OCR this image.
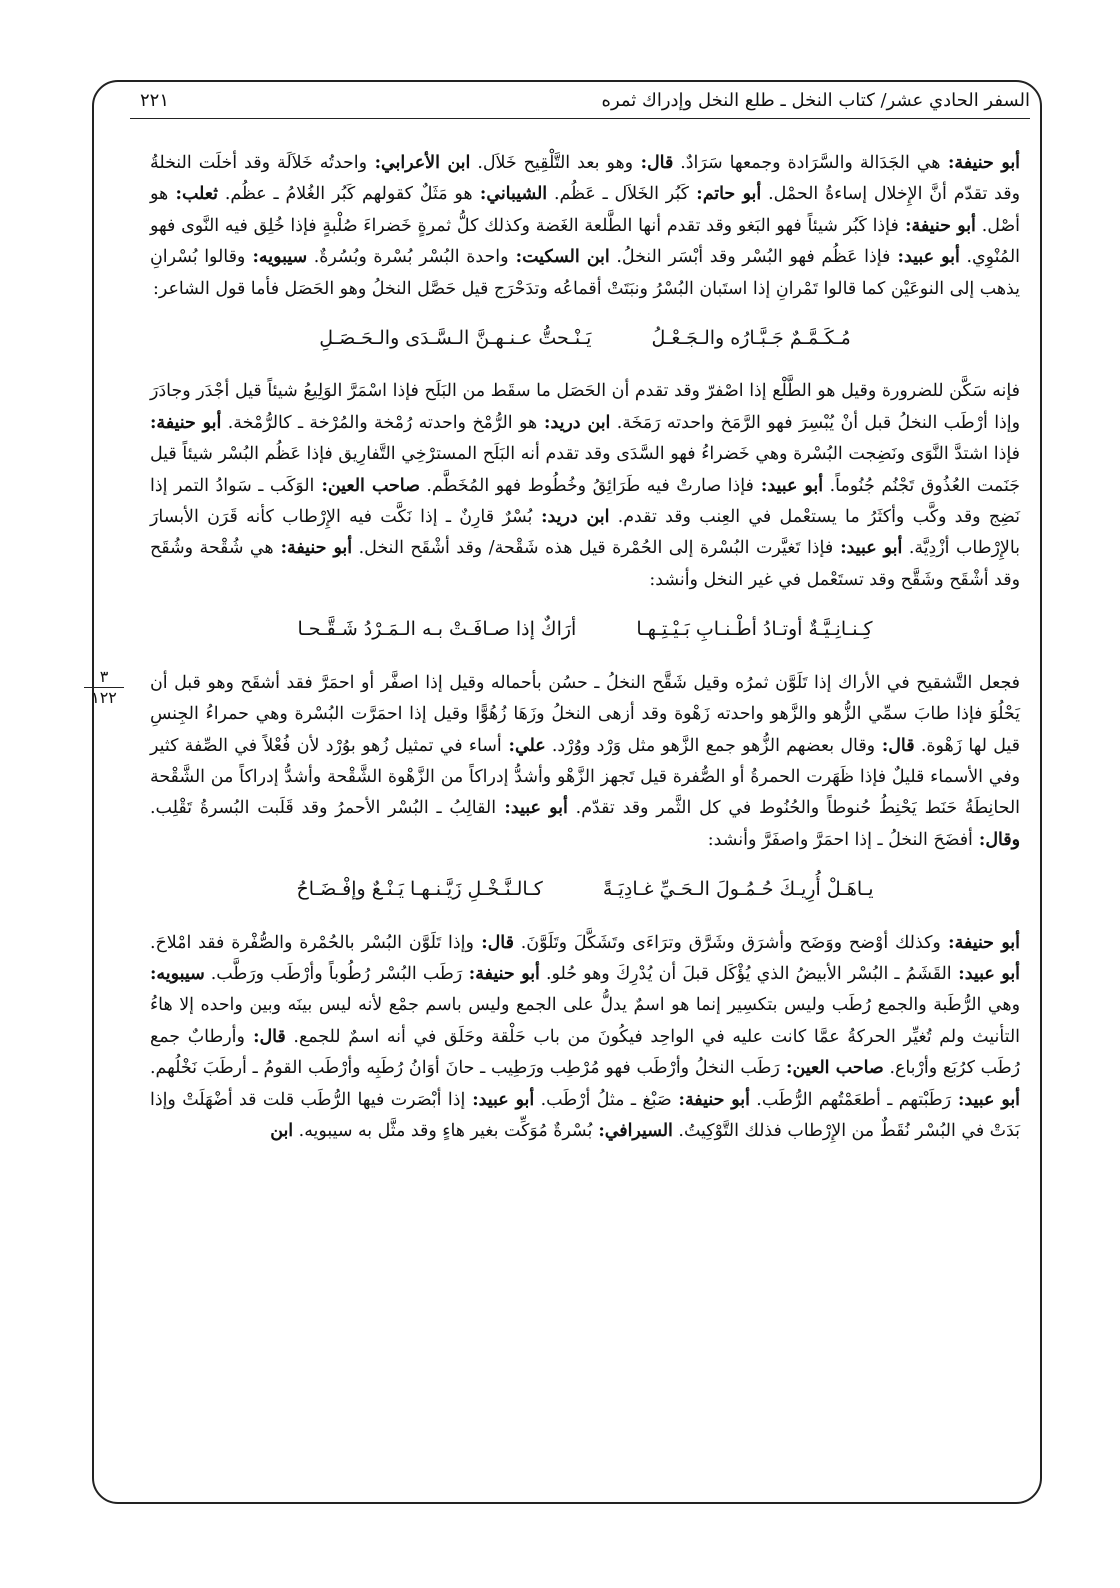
السفر الحادي عشر/ كتاب النخل ـ طلع النخل وإدراك ثمره
٢٢١
٣
١٢٢

أبو حنيفة: هي الجَدَالة والسَّرَادة وجمعها سَرَادٌ. قال: وهو بعد التَّلْقِيح خَلاَل. ابن الأعرابي: واحدتُه خَلاَلَة وقد أخلَت النخلةُ وقد تقدّم أنَّ الإِخلال إساءةُ الحمْل. أبو حاتم: كَبُر الخَلاَل ـ عَظُم. الشيباني: هو مَثَلٌ كقولهم كَبُر الغُلامُ ـ عظُم. ثعلب: هو أصْل. أبو حنيفة: فإذا كَبُر شيئاً فهو البَغو وقد تقدم أنها الطَّلعة الغَضة وكذلك كلُّ ثمرةٍ خَضراءَ صُلْبةٍ فإذا خُلِق فيه النَّوى فهو المُنْوِي. أبو عبيد: فإذا عَظُم فهو البُسْر وقد أبْسَر النخلُ. ابن السكيت: واحدة البُسْر بُسْرة وبُسُرةٌ. سيبويه: وقالوا بُسْرانِ يذهب إلى النوعَيْن كما قالوا تَمْرانِ إذا استَبان البُسْرُ ونبَتَتْ أقماعُه وتدَحْرَج قيل حَصَّل النخلُ وهو الحَصَل فأما قول الشاعر:

مُـكَـمَّـمٌ جَـبَّـارُه والـجَـعْـلُ
يَـنْـحتُّ عـنـهـنَّ الـسَّـدَى والـحَـصَـلِ

فإنه سَكَّن للضرورة وقيل هو الطَّلْع إذا اصْفرّ وقد تقدم أن الحَصَل ما سقَط من البَلَح فإذا اسْمَرَّ الوَلِيعُ شيئاً قيل أجْدَر وجادَرَ وإذا أرْطَب النخلُ قبل أنْ يُبْسِرَ فهو الرَّمَخ واحدته رَمَخَة. ابن دريد: هو الرُّمْخ واحدته رُمْخة والمُرْخة ـ كالرُّمْخة. أبو حنيفة: فإذا اشتدَّ النَّوَى ونَضِجت البُسْرة وهي خَضراءُ فهو السَّدَى وقد تقدم أنه البَلَح المسترْخِي التَّفارِيق فإذا عَظُم البُسْر شيئاً قيل جَنَمت العُذُوق تَجْنُم جُنُوماً. أبو عبيد: فإذا صارتْ فيه طَرَائِقُ وخُطُوط فهو المُخَطَّم. صاحب العين: الوَكَب ـ سَوادُ التمر إذا نَضِج وقد وكَّب وأكثَرُ ما يستعْمل في العِنب وقد تقدم. ابن دريد: بُسْرٌ قارِنٌ ـ إذا نَكَّت فيه الإِرْطاب كأنه قَرَن الأبسارَ بالإِرْطاب أزْدِيَّة. أبو عبيد: فإذا تَغيَّرت البُسْرة إلى الحُمْرة قيل هذه شَقْحة/ وقد أشْقَح النخل. أبو حنيفة: هي شُقْحة وشُقَح وقد أشْقَح وشَقَّح وقد تستَعْمل في غير النخل وأنشد:

كِـنـانِـيَّـةٌ أوتـادُ أطْـنـابِ بَـيْـتِـهـا
أرَاكٌ إذا صـافَـتْ بـه الـمَـرْدُ شَـقَّـحـا

فجعل التَّشقيح في الأراك إذا تَلَوَّن ثمرُه وقيل شَقَّح النخلُ ـ حسُن بأحماله وقيل إذا اصفَّر أو احمَرَّ فقد أشقَح وهو قبل أن يَحْلُوَ فإذا طابَ سمِّي الزُّهو والزَّهو واحدته زَهْوة وقد أزهى النخلُ وزَهَا زُهُوًّا وقيل إذا احمَرَّت البُسْرة وهي حمراءُ الجِنسِ قيل لها زَهْوة. قال: وقال بعضهم الزُّهو جمع الزَّهو مثل وَرْد ووُرْد. علي: أساء في تمثيل زُهو بوُرْد لأن فُعْلاً في الصِّفة كثير وفي الأسماء قليلٌ فإذا ظَهَرت الحمرةُ أو الصُّفرة قيل تَجهز الزَّهْو وأشدُّ إدراكاً من الزَّهْوة الشَّقْحة وأشدُّ إدراكاً من الشَّقْحة الحانِطَةُ حَنَط يَحْنِطُ حُنوطاً والحُنُوط في كل الثَّمر وقد تقدّم. أبو عبيد: القالِبُ ـ البُسْر الأحمرُ وقد قَلَبت البُسرةُ تَقْلِب. وقال: أفضَحَ النخلُ ـ إذا احمَرَّ واصفَرَّ وأنشد:

يـاهَـلْ أُرِيـكَ حُـمُـولَ الـحَـيِّ غـادِيَـةً
كـالـنَّـخْـلِ زَيَّـنـهـا يَـنْـعٌ وإفْـضَـاحُ

أبو حنيفة: وكذلك أوْضح ووَضَح وأشرَق وشَرَّق وترَاءَى وتَشَكَّلَ وتَلَوَّنَ. قال: وإذا تَلَوَّن البُسْر بالحُمْرة والصُّفْرة فقد امْلاحَ. أبو عبيد: القَشَمُ ـ البُسْر الأبيضُ الذي يُؤْكَل قبلَ أن يُدْرِكَ وهو حُلو. أبو حنيفة: رَطَب البُسْر رُطُوباً وأرْطَب ورَطَّب. سيبويه: وهي الرُّطَبة والجمع رُطَب وليس بتكسِير إنما هو اسمٌ يدلُّ على الجمع وليس باسم جمْع لأنه ليس بينَه وبين واحده إلا هاءُ التأنيث ولم تُغيِّر الحركةُ عمَّا كانت عليه في الواحِد فيكُونَ من باب حَلْقة وحَلَق في أنه اسمٌ للجمع. قال: وأرطابٌ جمع رُطَب كرُبَع وأرْباع. صاحب العين: رَطَب النخلُ وأرْطَب فهو مُرْطِب ورَطِيب ـ حانَ أوَانُ رُطَبِه وأرْطَب القومُ ـ أرطَبَ نَخْلُهم. أبو عبيد: رَطَبْتهم ـ أطعَمْتُهم الرُّطَب. أبو حنيفة: صَبْغ ـ مثلُ أرْطَب. أبو عبيد: إذا أبْصَرت فيها الرُّطَب قلت قد أضْهَلَتْ وإذا بَدَتْ في البُسْر نُقَطٌ من الإِرْطاب فذلك التَّوْكِيتُ. السيرافي: بُسْرةٌ مُوَكِّت بغير هاءٍ وقد مثَّل به سيبويه. ابن
